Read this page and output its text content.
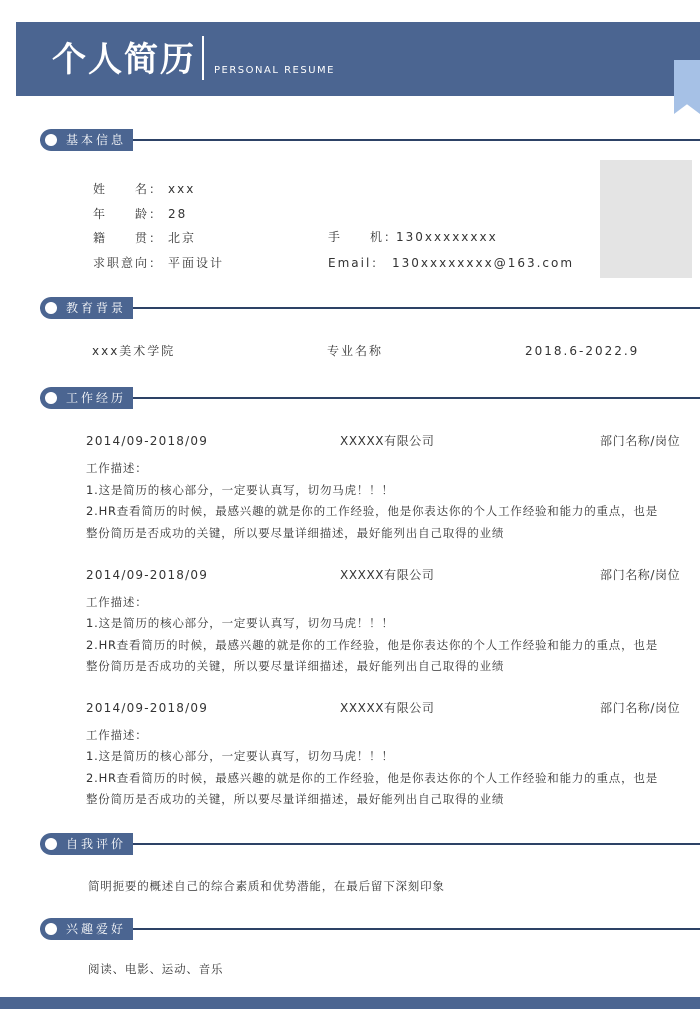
个人简历 PERSONAL RESUME
基本信息
姓　　名： xxx
年　　龄： 28
籍　　贯： 北京
求职意向： 平面设计
手　　机：
130xxxxxxxx
Email： 130xxxxxxxx@163.com
教育背景
xxx美术学院	专业名称	2018.6-2022.9
工作经历
2014/09-2018/09	XXXXX有限公司	部门名称/岗位
工作描述：
1.这是简历的核心部分，一定要认真写，切勿马虎！！！
2.HR查看简历的时候，最感兴趣的就是你的工作经验，他是你表达你的个人工作经验和能力的重点，也是
整份简历是否成功的关键，所以要尽量详细描述，最好能列出自己取得的业绩
2014/09-2018/09	XXXXX有限公司	部门名称/岗位
工作描述：
1.这是简历的核心部分，一定要认真写，切勿马虎！！！
2.HR查看简历的时候，最感兴趣的就是你的工作经验，他是你表达你的个人工作经验和能力的重点，也是
整份简历是否成功的关键，所以要尽量详细描述，最好能列出自己取得的业绩
2014/09-2018/09	XXXXX有限公司	部门名称/岗位
工作描述：
1.这是简历的核心部分，一定要认真写，切勿马虎！！！
2.HR查看简历的时候，最感兴趣的就是你的工作经验，他是你表达你的个人工作经验和能力的重点，也是
整份简历是否成功的关键，所以要尽量详细描述，最好能列出自己取得的业绩
自我评价
简明扼要的概述自己的综合素质和优势潜能，在最后留下深刻印象
兴趣爱好
阅读、电影、运动、音乐
